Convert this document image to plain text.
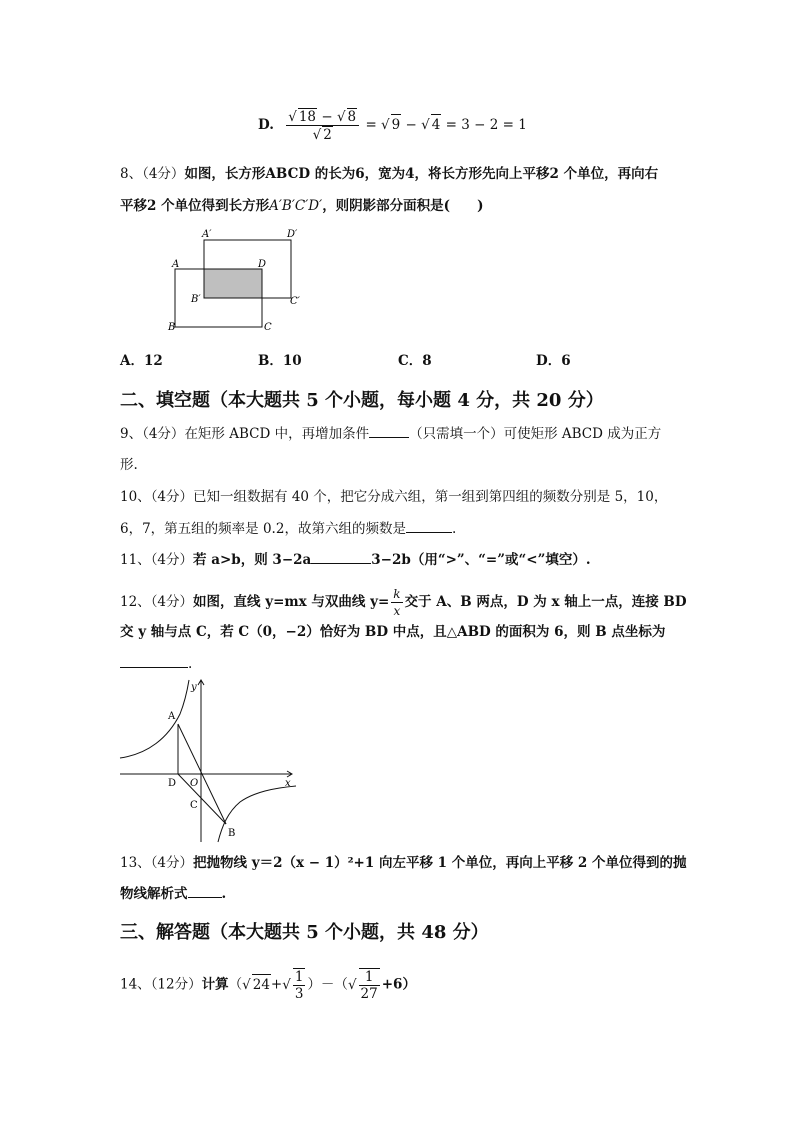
D. $\frac{√ 18 - √ 8}{√ 2}$ = √ 9 − √ 4 = 3 − 2 = 1
8、（4分）如图，长方形ABCD 的长为6，宽为4，将长方形先向上平移2 个单位，再向右
平移2 个单位得到长方形A′B′C′D′，则阴影部分面积是(　　)
A′	D′
A	D
B′	C′
B	C
A．12	B．10	C．8	D．6
二、填空题（本大题共 5 个小题，每小题 4 分，共 20 分）
9、（4分）在矩形 ABCD 中，再增加条件	（只需填一个）可使矩形 ABCD 成为正方
形.
10、（4分）已知一组数据有 40 个，把它分成六组，第一组到第四组的频数分别是 5，10，
6，7，第五组的频率是 0.2，故第六组的频数是	.
11、（4分）若 a>b，则 3−2a	3−2b（用“>”、“=”或“<”填空）.
12、（4分）如图，直线 y=mx 与双曲线 $y= \frac{k}{x}$ 交于 A、B 两点，D 为 x 轴上一点，连接 BD
交 y 轴与点 C，若 C（0，−2）恰好为 BD 中点，且△ABD 的面积为 6，则 B 点坐标为
.
y
x
A
D O
C
B
13、（4分）把抛物线 y＝2（x − 1）²+1 向左平移 1 个单位，再向上平移 2 个单位得到的抛
物线解析式	.
三、解答题（本大题共 5 个小题，共 48 分）
14、（12分）计算（√ $24+√ \frac{1}{3}$ ）－（√ $\frac{1}{27} +6$）
